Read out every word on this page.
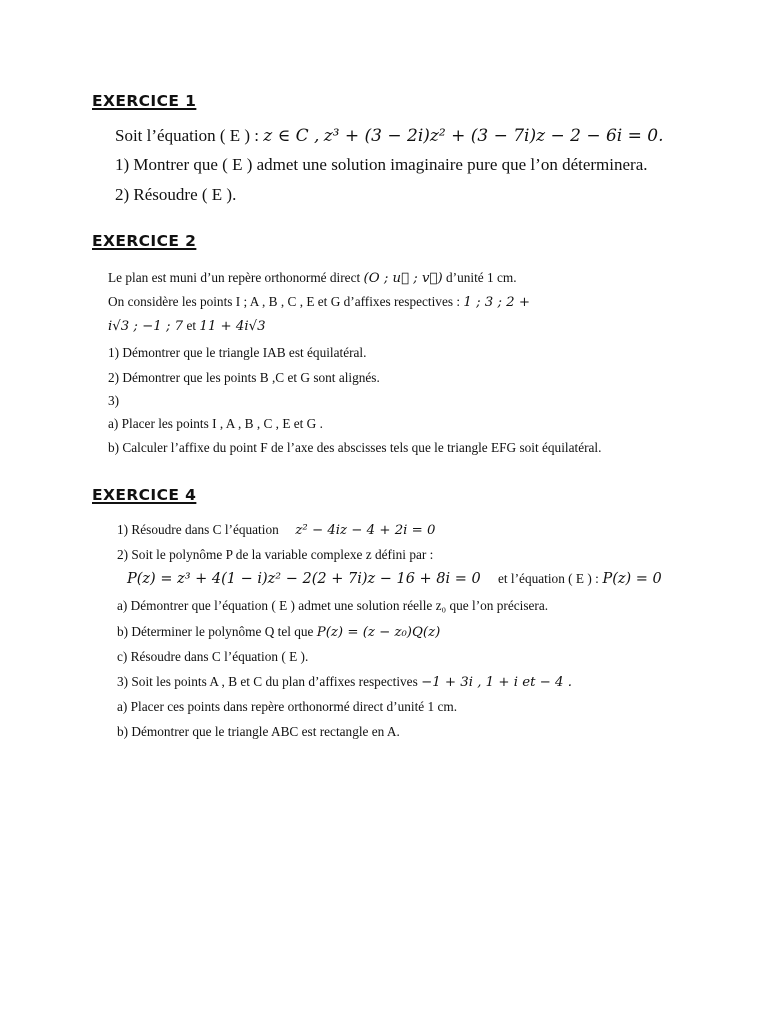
EXERCICE 1
Soit l’équation ( E ) : z ∈ C , z³ + (3 − 2i)z² + (3 − 7i)z − 2 − 6i = 0.
1) Montrer que ( E ) admet une solution imaginaire pure que l’on déterminera.
2) Résoudre ( E ).
EXERCICE 2
Le plan est muni d’un repère orthonormé direct (O ; u⃗ ; v⃗) d’unité 1 cm.
On considère les points I ; A , B , C , E et G d’affixes respectives : 1 ; 3 ; 2 +
i√3 ; −1 ; 7 et 11 + 4i√3
1) Démontrer que le triangle IAB est équilatéral.
2) Démontrer que les points B ,C et G sont alignés.
3)
a) Placer les points I , A , B , C , E et G .
b) Calculer l’affixe du point F de l’axe des abscisses tels que le triangle EFG soit équilatéral.
EXERCICE 4
1) Résoudre dans C l’équation z² − 4iz − 4 + 2i = 0
2) Soit le polynôme P de la variable complexe z défini par :
P(z) = z³ + 4(1 − i)z² − 2(2 + 7i)z − 16 + 8i = 0 et l’équation ( E ) : P(z) = 0
a) Démontrer que l’équation ( E ) admet une solution réelle z₀ que l’on précisera.
b) Déterminer le polynôme Q tel que P(z) = (z − z₀)Q(z)
c) Résoudre dans C l’équation ( E ).
3) Soit les points A , B et C du plan d’affixes respectives −1 + 3i , 1 + i et − 4 .
a) Placer ces points dans repère orthonormé direct d’unité 1 cm.
b) Démontrer que le triangle ABC est rectangle en A.
